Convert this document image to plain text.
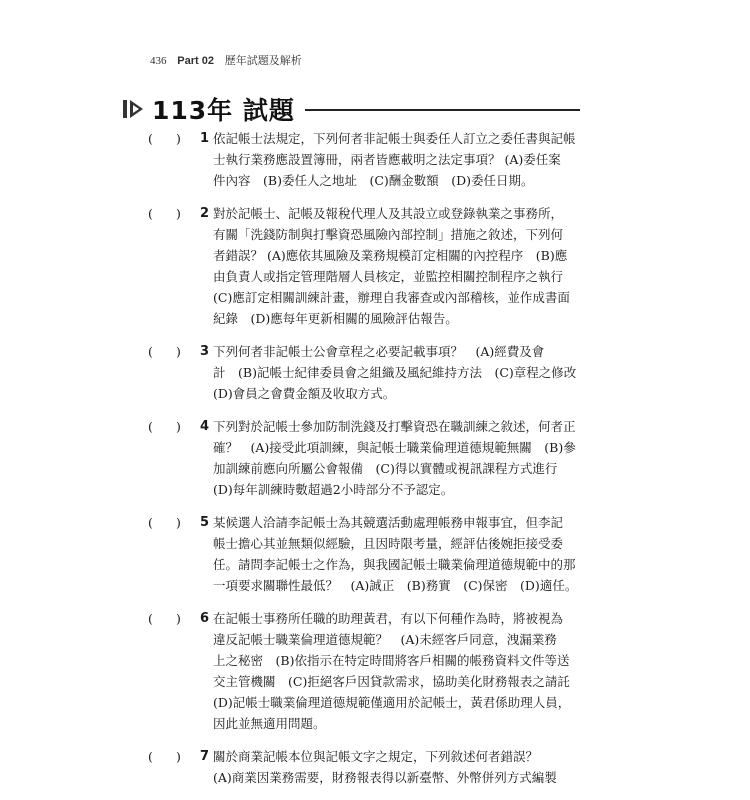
436 Part 02 歷年試題及解析
113年 試題
( ) 1 依記帳士法規定，下列何者非記帳士與委任人訂立之委任書與記帳
士執行業務應設置簿冊，兩者皆應載明之法定事項？ (A)委任案
件內容　(B)委任人之地址　(C)酬金數額　(D)委任日期。
( ) 2 對於記帳士、記帳及報稅代理人及其設立或登錄執業之事務所，
有關「洗錢防制與打擊資恐風險內部控制」措施之敘述，下列何
者錯誤？ (A)應依其風險及業務規模訂定相關的內控程序　(B)應
由負責人或指定管理階層人員核定，並監控相關控制程序之執行
(C)應訂定相關訓練計畫，辦理自我審查或內部稽核，並作成書面
紀錄　(D)應每年更新相關的風險評估報告。
( ) 3 下列何者非記帳士公會章程之必要記載事項？　(A)經費及會
計　(B)記帳士紀律委員會之組織及風紀維持方法　(C)章程之修改
(D)會員之會費金額及收取方式。
( ) 4 下列對於記帳士參加防制洗錢及打擊資恐在職訓練之敘述，何者正
確？　(A)接受此項訓練，與記帳士職業倫理道德規範無關　(B)參
加訓練前應向所屬公會報備　(C)得以實體或視訊課程方式進行
(D)每年訓練時數超過2小時部分不予認定。
( ) 5 某候選人洽請李記帳士為其競選活動處理帳務申報事宜，但李記
帳士擔心其並無類似經驗，且因時限考量，經評估後婉拒接受委
任。請問李記帳士之作為，與我國記帳士職業倫理道德規範中的那
一項要求關聯性最低？　(A)誠正　(B)務實　(C)保密　(D)適任。
( ) 6 在記帳士事務所任職的助理黃君，有以下何種作為時，將被視為
違反記帳士職業倫理道德規範？　(A)未經客戶同意，洩漏業務
上之秘密　(B)依指示在特定時間將客戶相關的帳務資料文件等送
交主管機關　(C)拒絕客戶因貸款需求，協助美化財務報表之請託
(D)記帳士職業倫理道德規範僅適用於記帳士，黃君係助理人員，
因此並無適用問題。
( ) 7 關於商業記帳本位與記帳文字之規定，下列敘述何者錯誤？
(A)商業因業務需要，財務報表得以新臺幣、外幣併列方式編製
